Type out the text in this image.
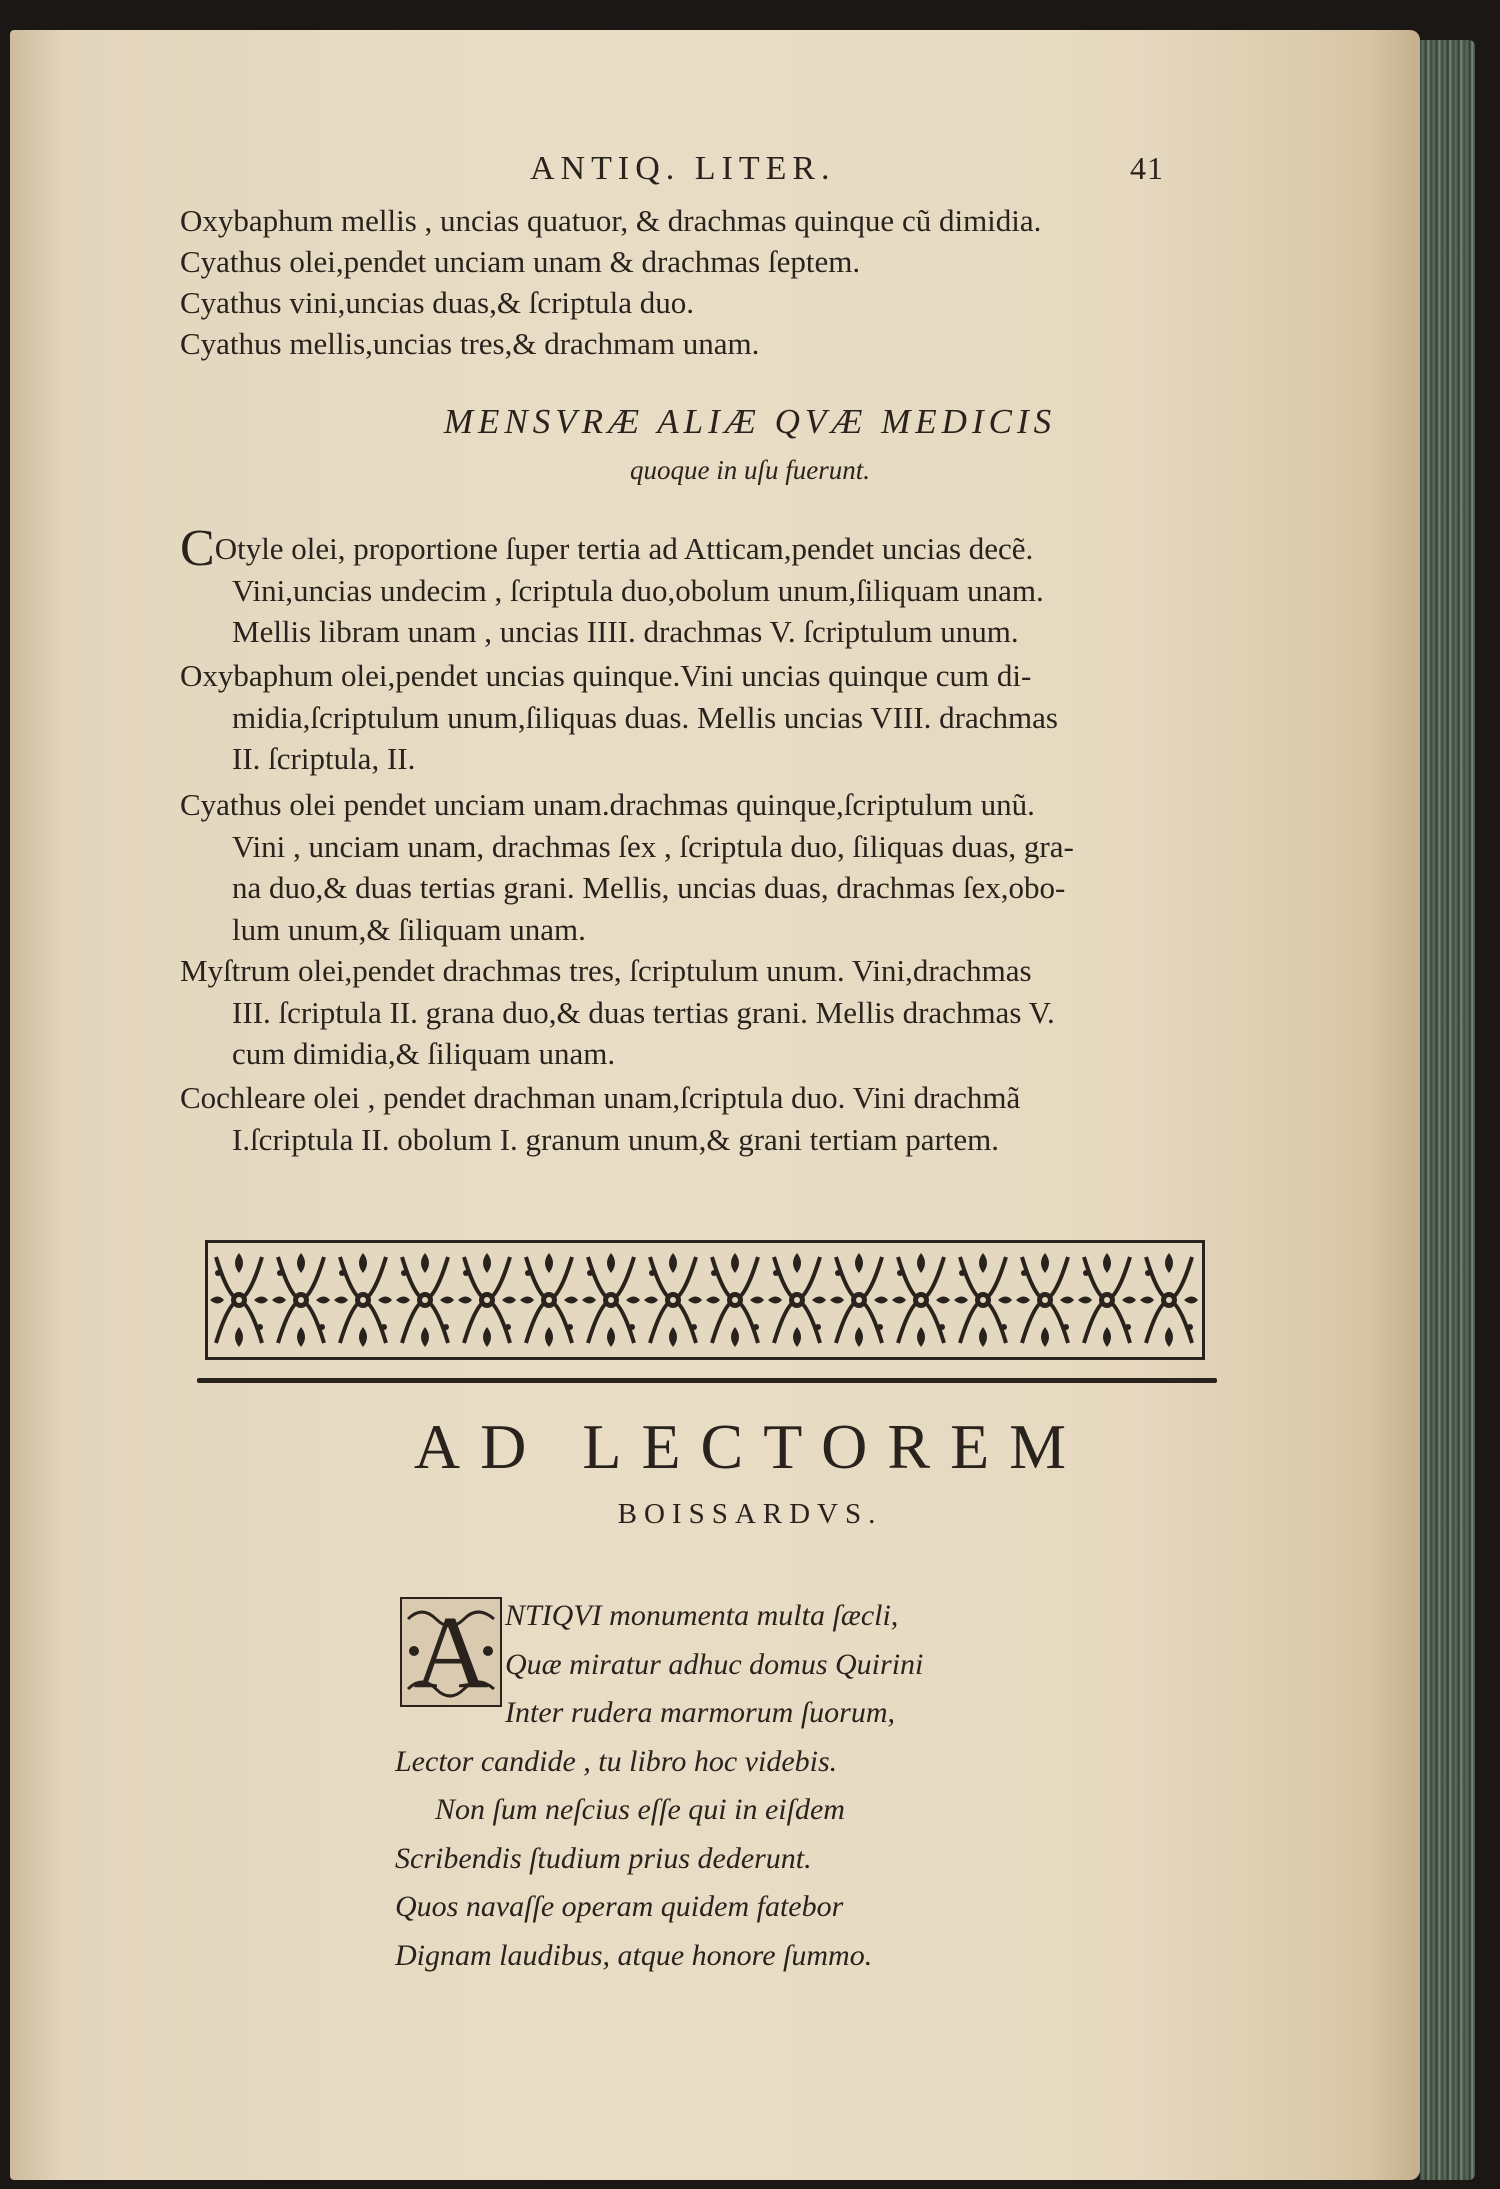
ANTIQ. LITER.	41
Oxybaphum mellis , uncias quatuor, & drachmas quinque cũ dimidia.
Cyathus olei,pendet unciam unam & drachmas ſeptem.
Cyathus vini,uncias duas,& ſcriptula duo.
Cyathus mellis,uncias tres,& drachmam unam.
MENSVRÆ ALIÆ QVÆ MEDICIS
quoque in uſu fuerunt.
COtyle olei, proportione ſuper tertia ad Atticam,pendet uncias decẽ.
Vini,uncias undecim , ſcriptula duo,obolum unum,ſiliquam unam.
Mellis libram unam , uncias IIII. drachmas V. ſcriptulum unum.
Oxybaphum olei,pendet uncias quinque.Vini uncias quinque cum di-
midia,ſcriptulum unum,ſiliquas duas. Mellis uncias VIII. drachmas
II. ſcriptula, II.
Cyathus olei pendet unciam unam.drachmas quinque,ſcriptulum unũ.
Vini , unciam unam, drachmas ſex , ſcriptula duo, ſiliquas duas, gra-
na duo,& duas tertias grani. Mellis, uncias duas, drachmas ſex,obo-
lum unum,& ſiliquam unam.
Myſtrum olei,pendet drachmas tres, ſcriptulum unum. Vini,drachmas
III. ſcriptula II. grana duo,& duas tertias grani. Mellis drachmas V.
cum dimidia,& ſiliquam unam.
Cochleare olei , pendet drachman unam,ſcriptula duo. Vini drachmã
I.ſcriptula II. obolum I. granum unum,& grani tertiam partem.
AD LECTOREM
BOISSARDVS.
A NTIQVI monumenta multa ſæcli,
Quæ miratur adhuc domus Quirini
Inter rudera marmorum ſuorum,
Lector candide , tu libro hoc videbis.
Non ſum neſcius eſſe qui in eiſdem
Scribendis ſtudium prius dederunt.
Quos navaſſe operam quidem fatebor
Dignam laudibus, atque honore ſummo.
